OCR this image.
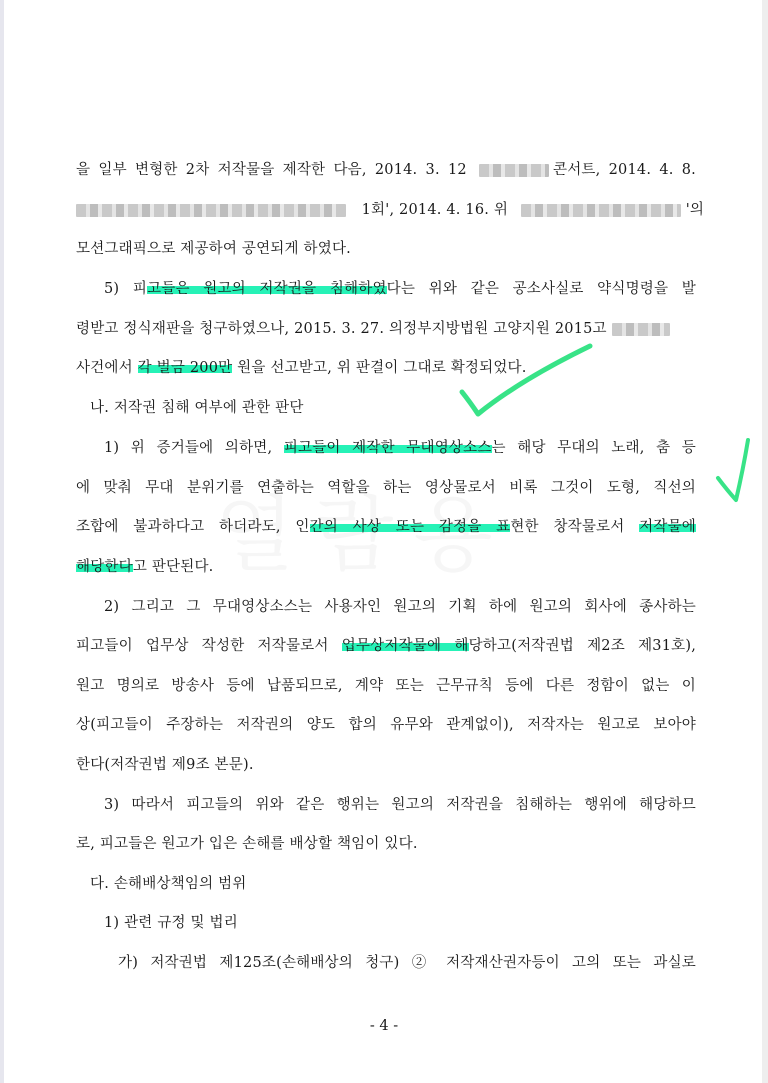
을 일부 변형한 2차 저작물을 제작한 다음, 2014. 3. 12	콘서트, 2014. 4. 8.
1회', 2014. 4. 16. 위	'의
모션그래픽으로 제공하여 공연되게 하였다.
5) 피고들은 원고의 저작권을 침해하였다는 위와 같은 공소사실로 약식명령을 발
령받고 정식재판을 청구하였으나, 2015. 3. 27. 의정부지방법원 고양지원 2015고
사건에서 각 벌금 200만 원을 선고받고, 위 판결이 그대로 확정되었다.
나. 저작권 침해 여부에 관한 판단
1) 위 증거들에 의하면, 피고들이 제작한 무대영상소스는 해당 무대의 노래, 춤 등
에 맞춰 무대 분위기를 연출하는 역할을 하는 영상물로서 비록 그것이 도형, 직선의
조합에 불과하다고 하더라도, 인간의 사상 또는 감정을 표현한 창작물로서 저작물에
해당한다고 판단된다.
2) 그리고 그 무대영상소스는 사용자인 원고의 기획 하에 원고의 회사에 종사하는
피고들이 업무상 작성한 저작물로서 업무상저작물에 해당하고(저작권법 제2조 제31호),
원고 명의로 방송사 등에 납품되므로, 계약 또는 근무규칙 등에 다른 정함이 없는 이
상(피고들이 주장하는 저작권의 양도 합의 유무와 관계없이), 저작자는 원고로 보아야
한다(저작권법 제9조 본문).
3) 따라서 피고들의 위와 같은 행위는 원고의 저작권을 침해하는 행위에 해당하므
로, 피고들은 원고가 입은 손해를 배상할 책임이 있다.
다. 손해배상책임의 범위
1) 관련 규정 및 법리
가) 저작권법 제125조(손해배상의 청구) ② 저작재산권자등이 고의 또는 과실로
- 4 -
